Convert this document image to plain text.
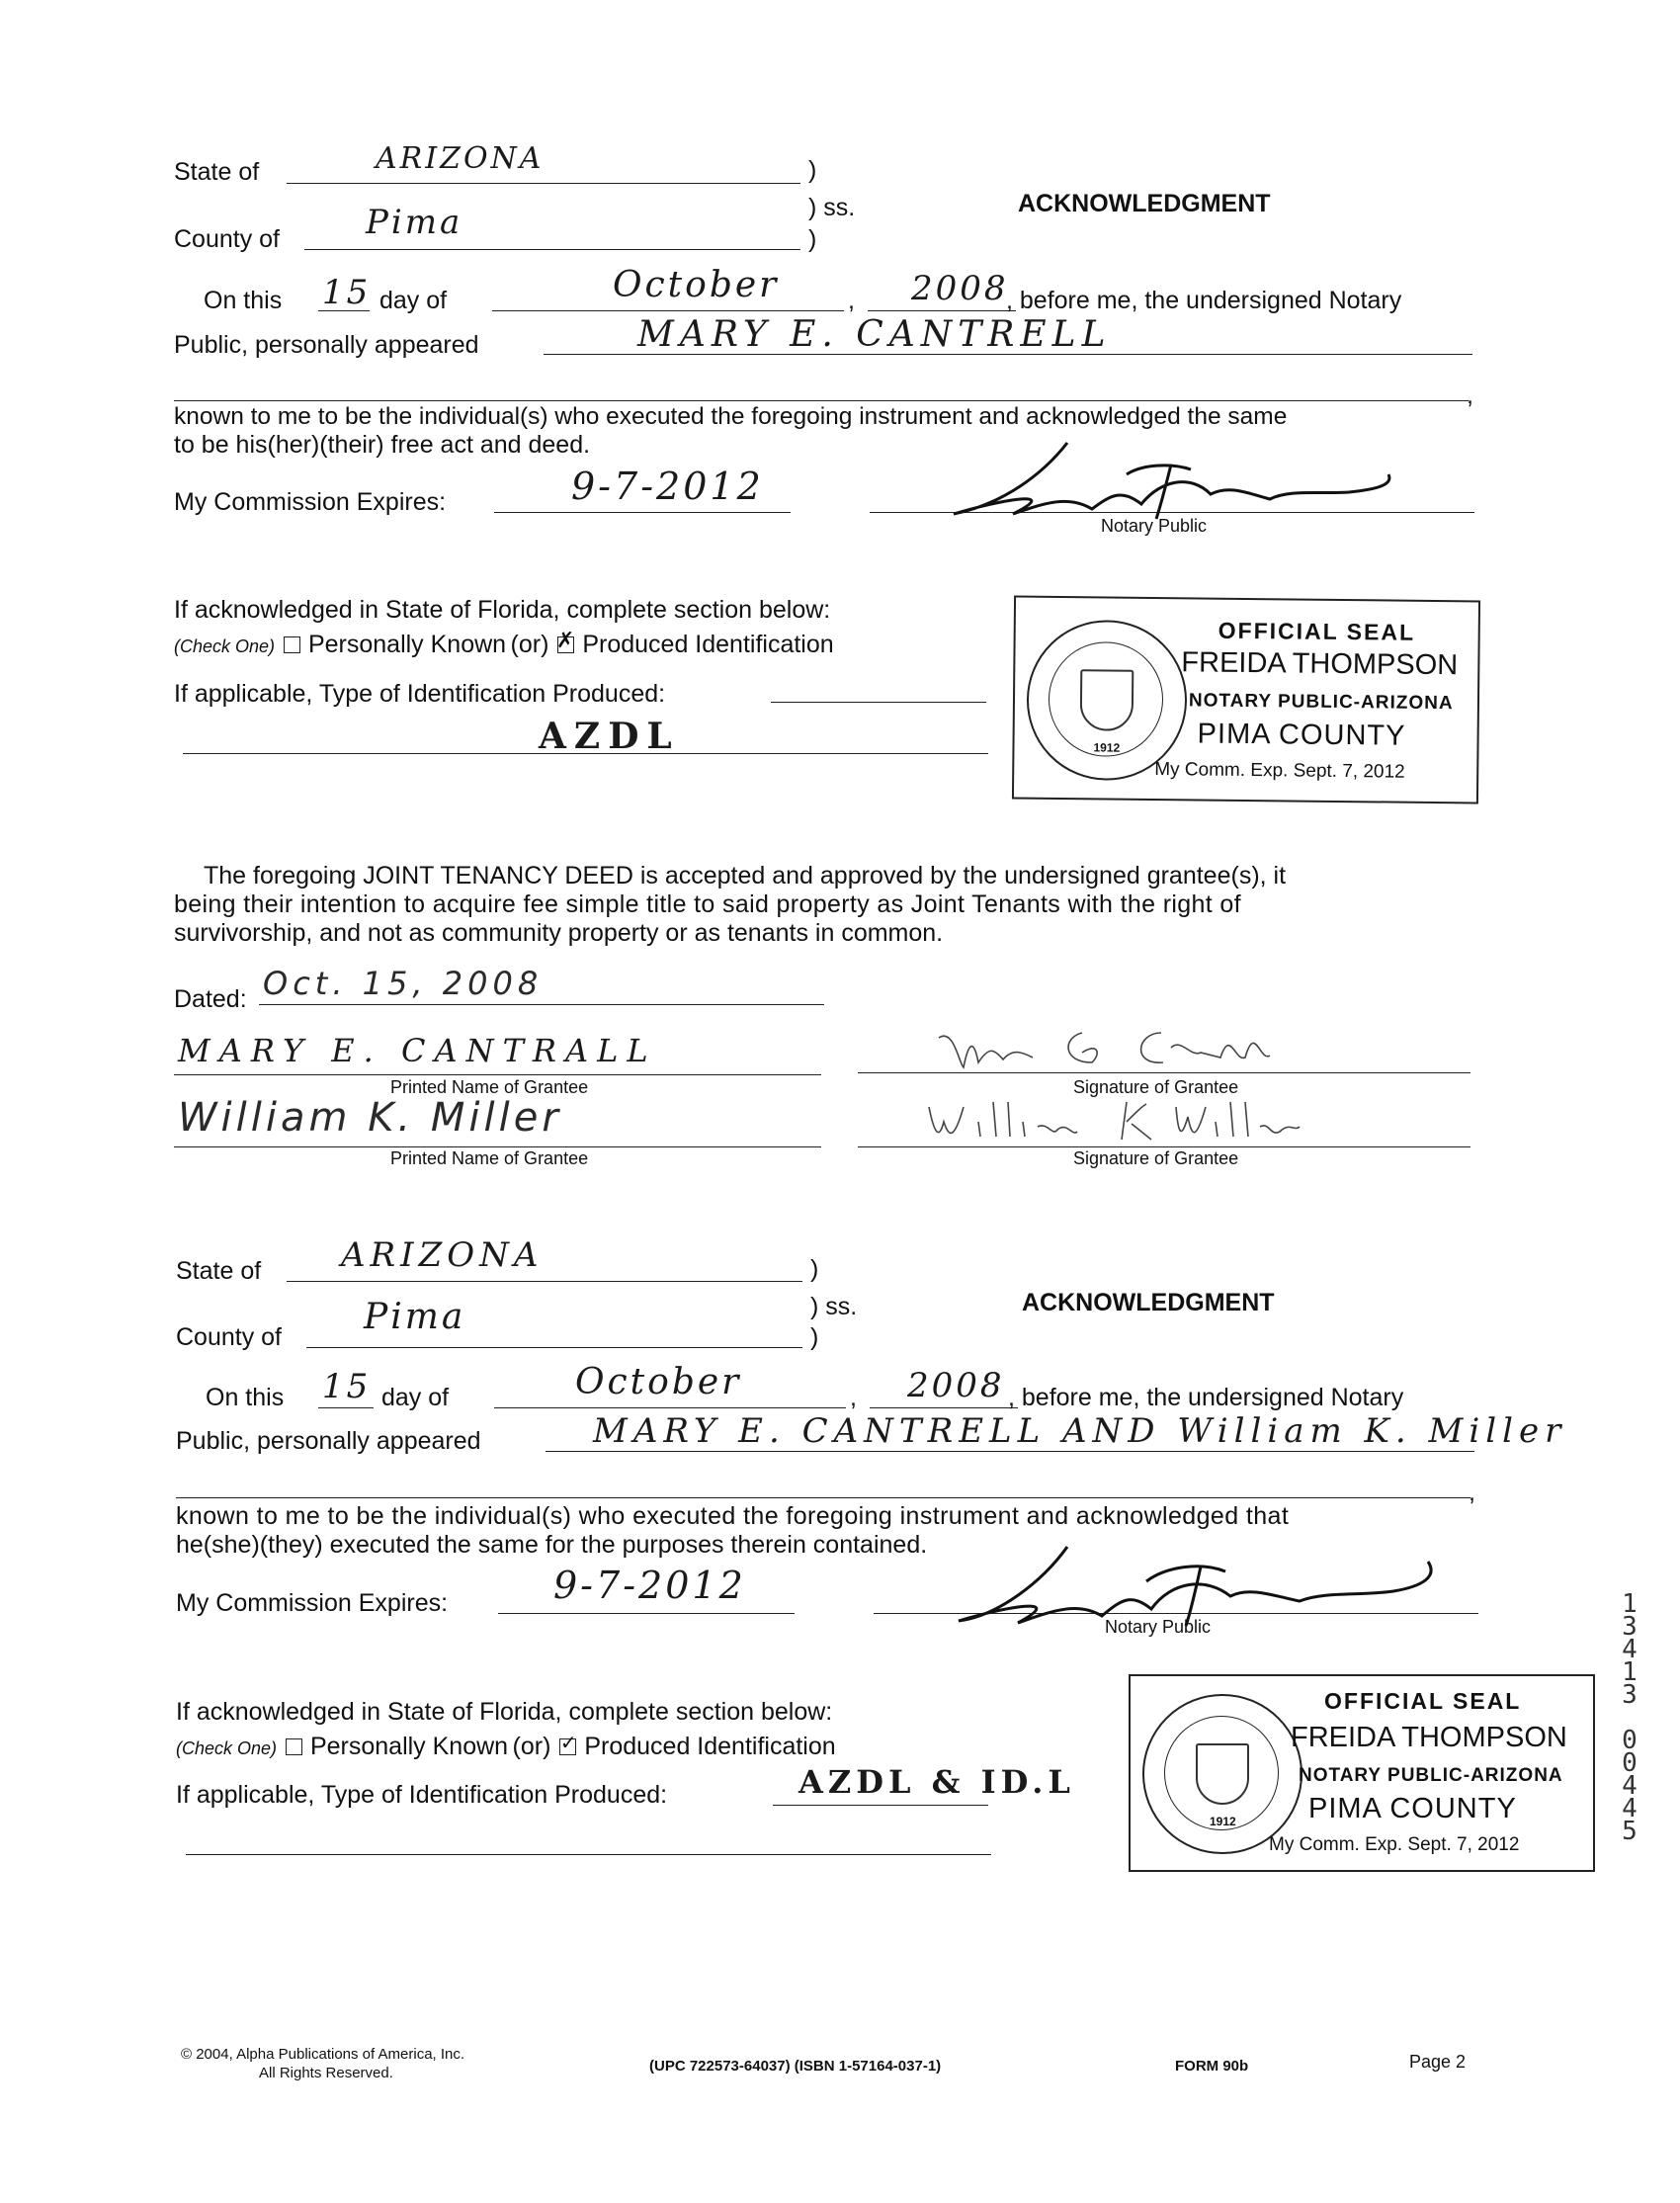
State of	ARIZONA	)
) ss.	ACKNOWLEDGMENT
County of	Pima	)
On this 15 day of	October	, 2008
, before me, the undersigned Notary
Public, personally appeared	MARY E. CANTRELL
,
known to me to be the individual(s) who executed the foregoing instrument and acknowledged the same
to be his(her)(their) free act and deed.
My Commission Expires:	9-7-2012
Notary Public
If acknowledged in State of Florida, complete section below:
(Check One) Personally Known (or) ✗ Produced Identification
If applicable, Type of Identification Produced:
AZDL	1912
OFFICIAL SEAL
FREIDA THOMPSON
NOTARY PUBLIC-ARIZONA
PIMA COUNTY
My Comm. Exp. Sept. 7, 2012
The foregoing JOINT TENANCY DEED is accepted and approved by the undersigned grantee(s), it
being their intention to acquire fee simple title to said property as Joint Tenants with the right of
survivorship, and not as community property or as tenants in common.
Dated: Oct. 15, 2008
MARY E. CANTRALL
Printed Name of Grantee	Signature of Grantee
William K. Miller
Printed Name of Grantee	Signature of Grantee
State of ARIZONA	)
) ss.	ACKNOWLEDGMENT
County of Pima	)
On this 15 day of	October	, 2008 , before me, the undersigned Notary
Public, personally appeared	MARY E. CANTRELL AND William K. Miller
,
known to me to be the individual(s) who executed the foregoing instrument and acknowledged that
he(she)(they) executed the same for the purposes therein contained.
My Commission Expires:	9-7-2012
Notary Public
If acknowledged in State of Florida, complete section below:
(Check One) Personally Known (or) ✓ Produced Identification
If applicable, Type of Identification Produced:	AZDL & ID.L
1912
OFFICIAL SEAL
FREIDA THOMPSON
NOTARY PUBLIC-ARIZONA
PIMA COUNTY
My Comm. Exp. Sept. 7, 2012
1
3
4
1
3

0
0
4
4
5
© 2004, Alpha Publications of America, Inc.
All Rights Reserved.	(UPC 722573-64037) (ISBN 1-57164-037-1)	FORM 90b	Page 2
